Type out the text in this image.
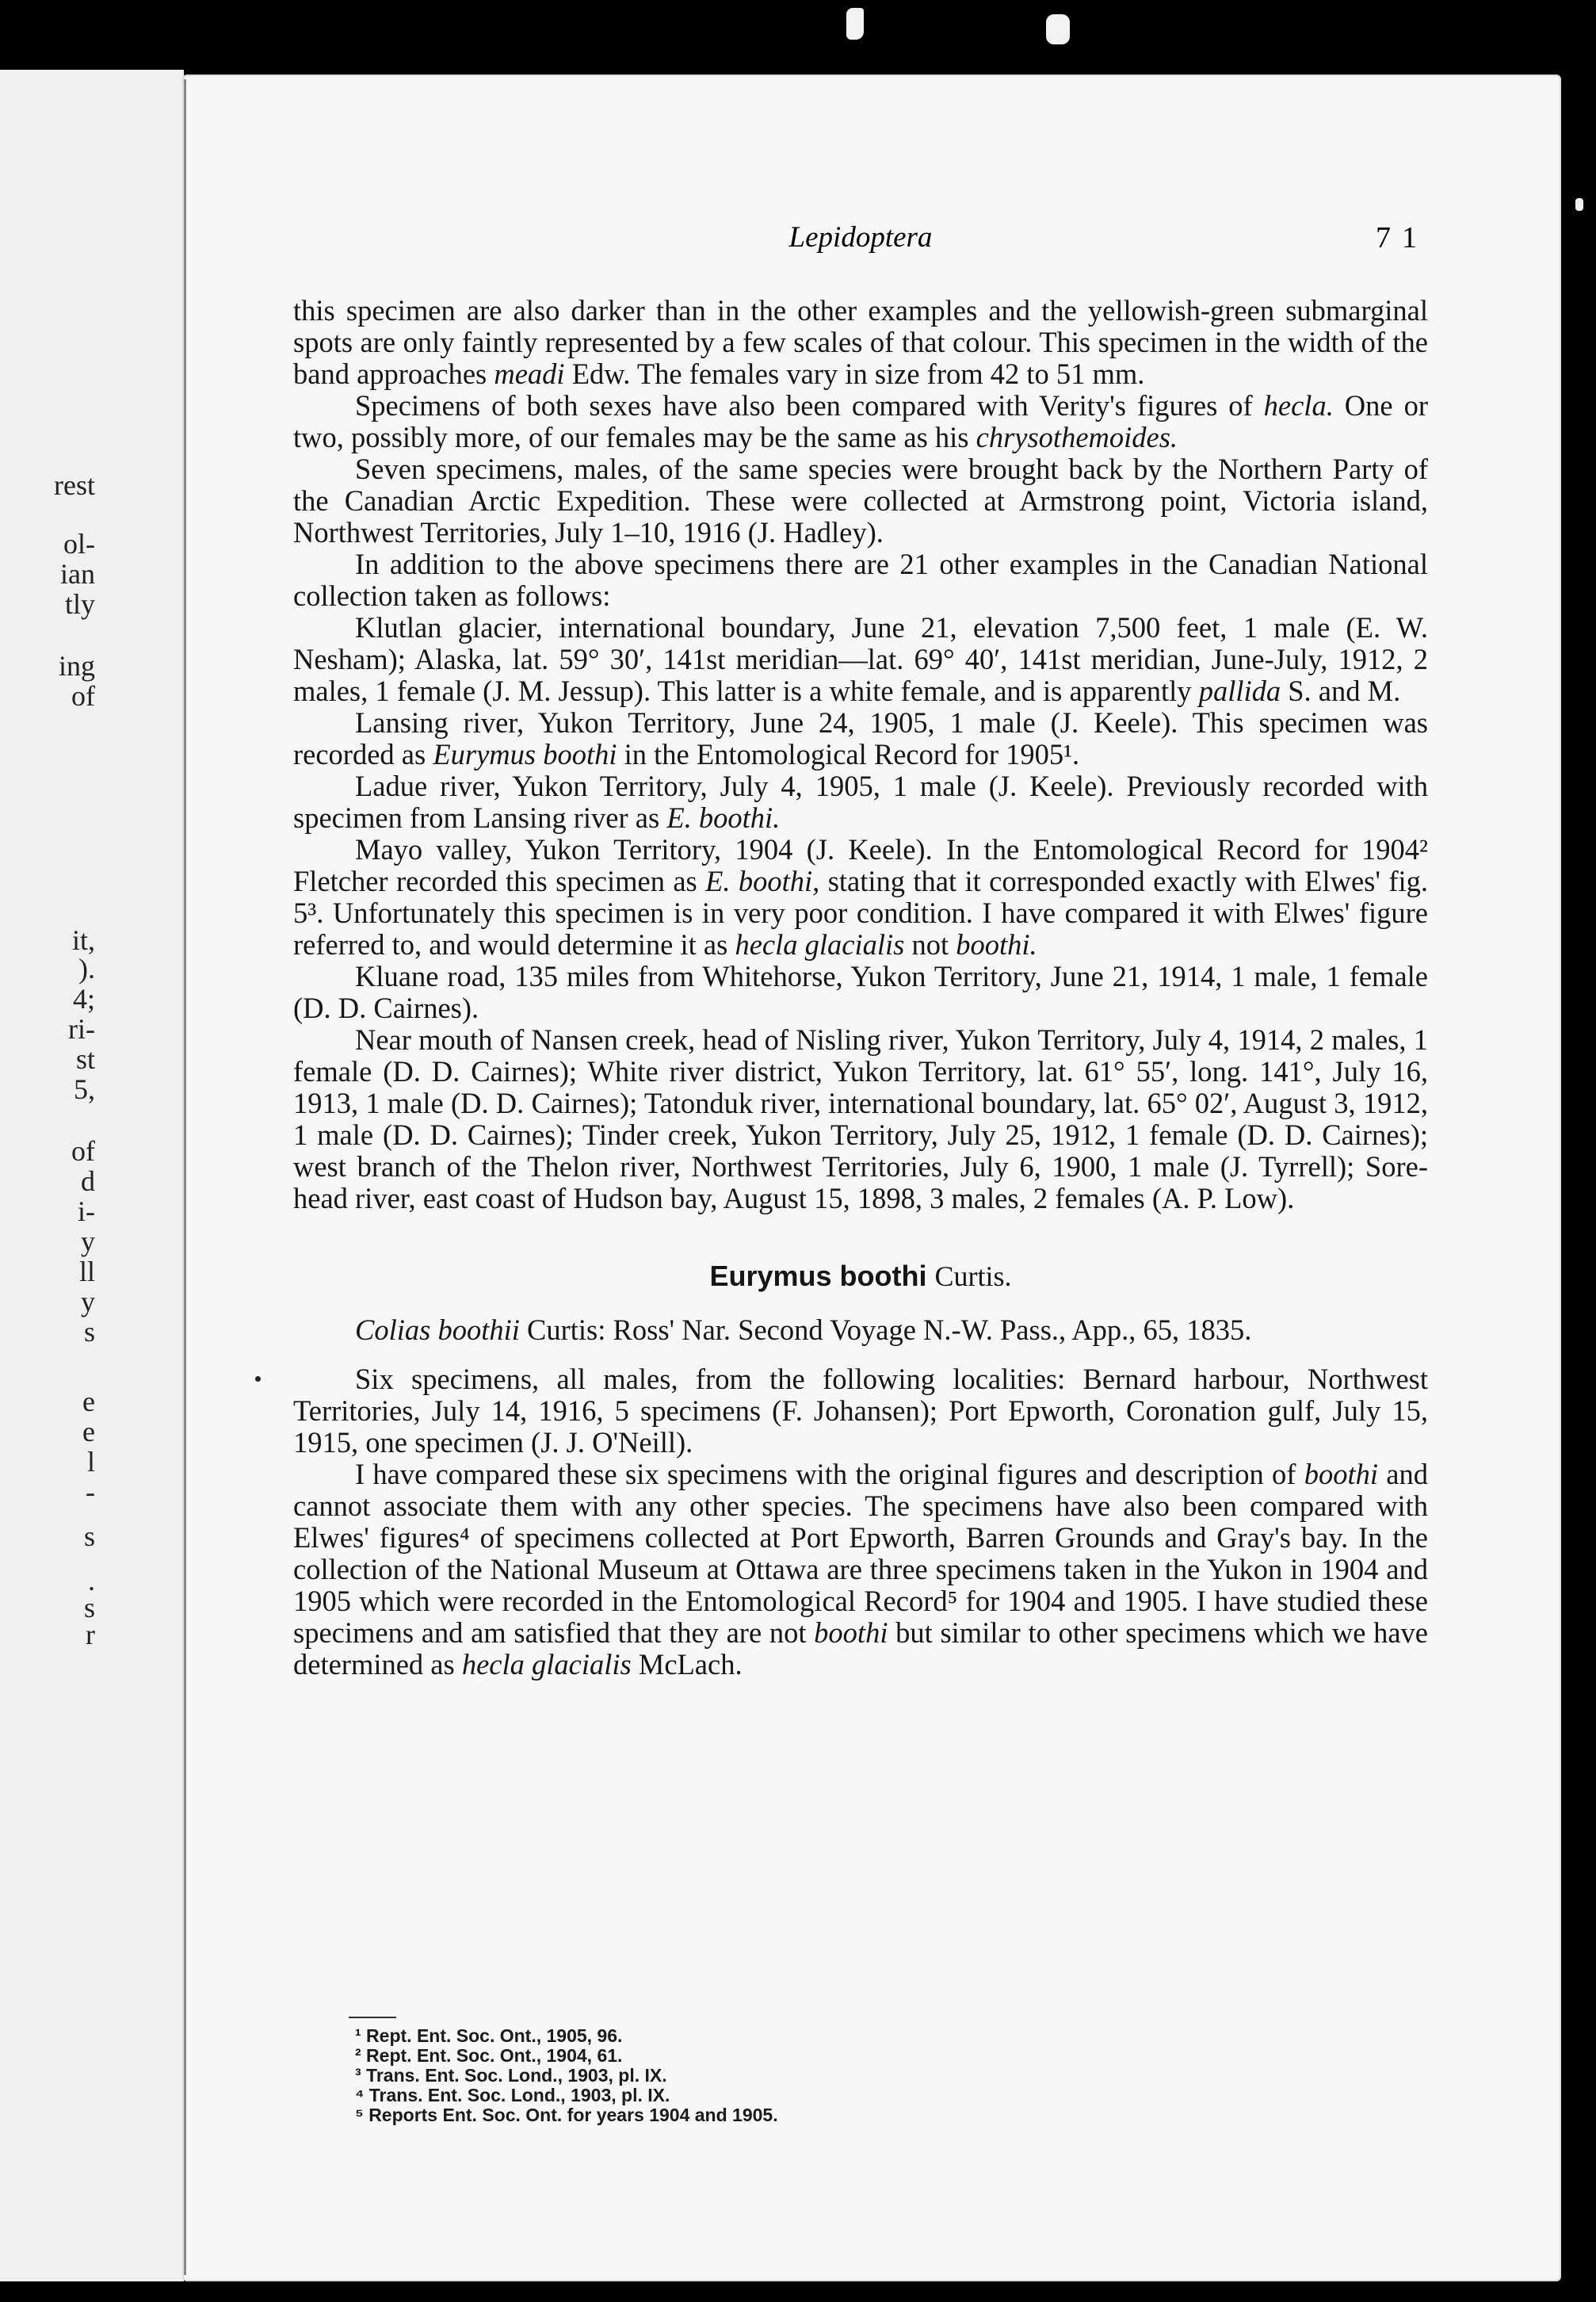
rest
ol-
ian
tly
ing
of
it,
).
4;
ri-
st
5,
of
d
i-
y
ll
y
s
e
e
l
-
s
.
s
r
Lepidoptera	71

this specimen are also darker than in the other examples and the yellowish-green submarginal spots are only faintly represented by a few scales of that colour. This specimen in the width of the band approaches meadi Edw. The females vary in size from 42 to 51 mm.

Specimens of both sexes have also been compared with Verity's figures of hecla. One or two, possibly more, of our females may be the same as his chrysothemoides.

Seven specimens, males, of the same species were brought back by the Northern Party of the Canadian Arctic Expedition. These were collected at Armstrong point, Victoria island, Northwest Territories, July 1–10, 1916 (J. Hadley).

In addition to the above specimens there are 21 other examples in the Canadian National collection taken as follows:

Klutlan glacier, international boundary, June 21, elevation 7,500 feet, 1 male (E. W. Nesham); Alaska, lat. 59° 30′, 141st meridian—lat. 69° 40′, 141st meridian, June-July, 1912, 2 males, 1 female (J. M. Jessup). This latter is a white female, and is apparently pallida S. and M.

Lansing river, Yukon Territory, June 24, 1905, 1 male (J. Keele). This specimen was recorded as Eurymus boothi in the Entomological Record for 1905¹.

Ladue river, Yukon Territory, July 4, 1905, 1 male (J. Keele). Previously recorded with specimen from Lansing river as E. boothi.

Mayo valley, Yukon Territory, 1904 (J. Keele). In the Entomological Record for 1904² Fletcher recorded this specimen as E. boothi, stating that it corresponded exactly with Elwes' fig. 5³. Unfortunately this specimen is in very poor condition. I have compared it with Elwes' figure referred to, and would determine it as hecla glacialis not boothi.

Kluane road, 135 miles from Whitehorse, Yukon Territory, June 21, 1914, 1 male, 1 female (D. D. Cairnes).

Near mouth of Nansen creek, head of Nisling river, Yukon Territory, July 4, 1914, 2 males, 1 female (D. D. Cairnes); White river district, Yukon Territory, lat. 61° 55′, long. 141°, July 16, 1913, 1 male (D. D. Cairnes); Tatonduk river, international boundary, lat. 65° 02′, August 3, 1912, 1 male (D. D. Cairnes); Tinder creek, Yukon Territory, July 25, 1912, 1 female (D. D. Cairnes); west branch of the Thelon river, Northwest Territories, July 6, 1900, 1 male (J. Tyrrell); Sore-head river, east coast of Hudson bay, August 15, 1898, 3 males, 2 females (A. P. Low).

Eurymus boothi Curtis.

Colias boothii Curtis: Ross' Nar. Second Voyage N.-W. Pass., App., 65, 1835.

Six specimens, all males, from the following localities: Bernard harbour, Northwest Territories, July 14, 1916, 5 specimens (F. Johansen); Port Epworth, Coronation gulf, July 15, 1915, one specimen (J. J. O'Neill).

I have compared these six specimens with the original figures and description of boothi and cannot associate them with any other species. The specimens have also been compared with Elwes' figures⁴ of specimens collected at Port Epworth, Barren Grounds and Gray's bay. In the collection of the National Museum at Ottawa are three specimens taken in the Yukon in 1904 and 1905 which were recorded in the Entomological Record⁵ for 1904 and 1905. I have studied these specimens and am satisfied that they are not boothi but similar to other specimens which we have determined as hecla glacialis McLach.

¹ Rept. Ent. Soc. Ont., 1905, 96.
² Rept. Ent. Soc. Ont., 1904, 61.
³ Trans. Ent. Soc. Lond., 1903, pl. IX.
⁴ Trans. Ent. Soc. Lond., 1903, pl. IX.
⁵ Reports Ent. Soc. Ont. for years 1904 and 1905.
